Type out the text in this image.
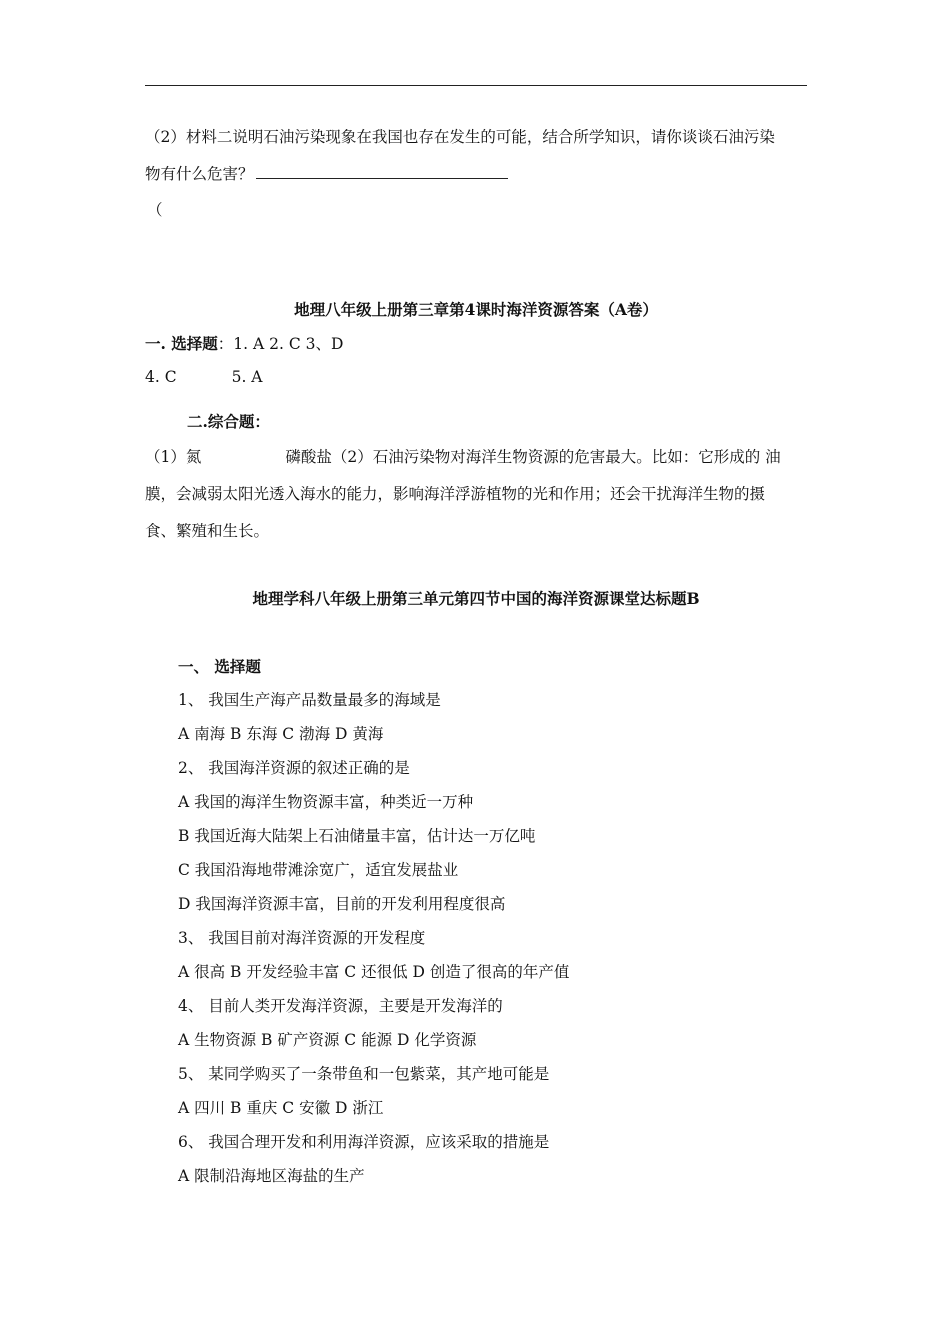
（2）材料二说明石油污染现象在我国也存在发生的可能，结合所学知识，请你谈谈石油污染
物有什么危害？
（
地理八年级上册第三章第4课时海洋资源答案（A卷）
一. 选择题：1. A 2. C 3、D
4. C	5. A
二.综合题：
（1）氮	磷酸盐（2）石油污染物对海洋生物资源的危害最大。比如：它形成的 油
膜，会减弱太阳光透入海水的能力，影响海洋浮游植物的光和作用；还会干扰海洋生物的摄
食、繁殖和生长。
地理学科八年级上册第三单元第四节中国的海洋资源课堂达标题B
一、 选择题
1、 我国生产海产品数量最多的海域是
A 南海 B 东海 C 渤海 D 黄海
2、 我国海洋资源的叙述正确的是
A 我国的海洋生物资源丰富，种类近一万种
B 我国近海大陆架上石油储量丰富，估计达一万亿吨
C 我国沿海地带滩涂宽广，适宜发展盐业
D 我国海洋资源丰富，目前的开发利用程度很高
3、 我国目前对海洋资源的开发程度
A 很高 B 开发经验丰富 C 还很低 D 创造了很高的年产值
4、 目前人类开发海洋资源，主要是开发海洋的
A 生物资源 B 矿产资源 C 能源 D 化学资源
5、 某同学购买了一条带鱼和一包紫菜，其产地可能是
A 四川 B 重庆 C 安徽 D 浙江
6、 我国合理开发和利用海洋资源，应该采取的措施是
A 限制沿海地区海盐的生产
